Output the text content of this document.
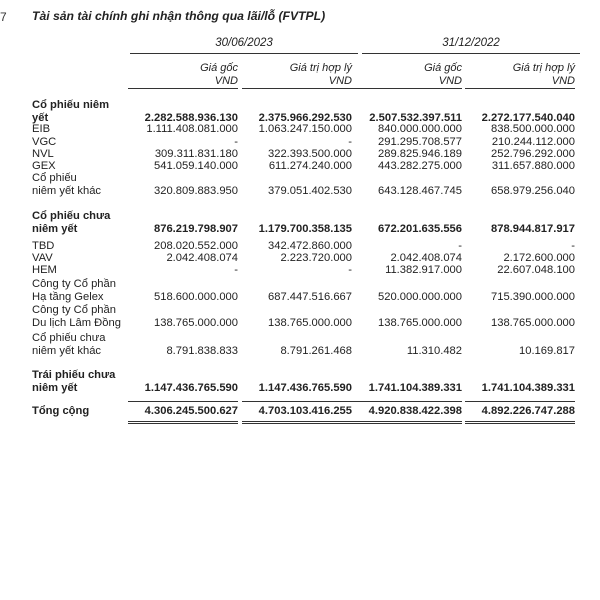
7 Tài sản tài chính ghi nhận thông qua lãi/lỗ (FVTPL)
30/06/2023	31/12/2022
Giá gốc
VND
Giá trị hợp lý
VND
Giá gốc
VND
Giá trị hợp lý
VND
Cổ phiếu niêm
yết	2.282.588.936.130	2.375.966.292.530	2.507.532.397.511	2.272.177.540.040
EIB	1.111.408.081.000	1.063.247.150.000	840.000.000.000	838.500.000.000
VGC	-	-	291.295.708.577	210.244.112.000
NVL	309.311.831.180	322.393.500.000	289.825.946.189	252.796.292.000
GEX	541.059.140.000	611.274.240.000	443.282.275.000	311.657.880.000
Cổ phiếu
niêm yết khác	320.809.883.950	379.051.402.530	643.128.467.745	658.979.256.040
Cổ phiếu chưa
niêm yết	876.219.798.907	1.179.700.358.135	672.201.635.556	878.944.817.917
TBD	208.020.552.000	342.472.860.000	-	-
VAV	2.042.408.074	2.223.720.000	2.042.408.074	2.172.600.000
HEM	-	-	11.382.917.000	22.607.048.100
Công ty Cổ phần
Hạ tầng Gelex	518.600.000.000	687.447.516.667	520.000.000.000	715.390.000.000
Công ty Cổ phần
Du lịch Lâm Đồng	138.765.000.000	138.765.000.000	138.765.000.000	138.765.000.000
Cổ phiếu chưa
niêm yết khác	8.791.838.833	8.791.261.468	11.310.482	10.169.817
Trái phiếu chưa
niêm yết	1.147.436.765.590	1.147.436.765.590	1.741.104.389.331	1.741.104.389.331
Tổng cộng	4.306.245.500.627	4.703.103.416.255	4.920.838.422.398	4.892.226.747.288
